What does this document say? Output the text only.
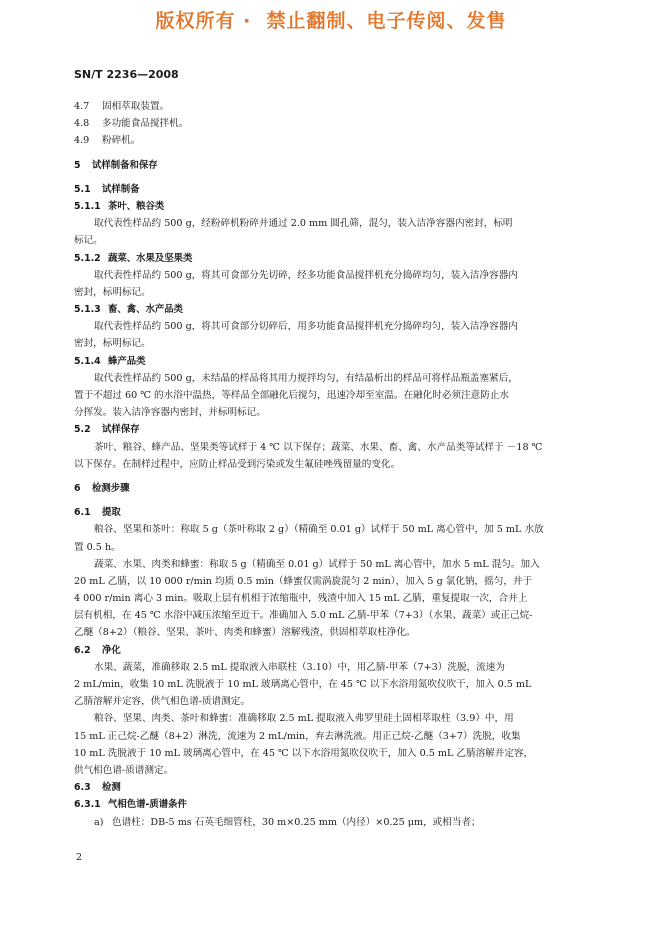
版权所有 ·  禁止翻制、电子传阅、发售
SN/T 2236—2008
4.7 固相萃取装置。
4.8 多功能食品搅拌机。
4.9 粉碎机。
5 试样制备和保存
5.1 试样制备
5.1.1 茶叶、粮谷类
取代表性样品约 500 g，经粉碎机粉碎并通过 2.0 mm 圆孔筛，混匀，装入洁净容器内密封，标明
标记。
5.1.2 蔬菜、水果及坚果类
取代表性样品约 500 g，将其可食部分先切碎，经多功能食品搅拌机充分捣碎均匀，装入洁净容器内
密封，标明标记。
5.1.3 畜、禽、水产品类
取代表性样品约 500 g，将其可食部分切碎后，用多功能食品搅拌机充分捣碎均匀，装入洁净容器内
密封，标明标记。
5.1.4 蜂产品类
取代表性样品约 500 g，未结晶的样品将其用力搅拌均匀，有结晶析出的样品可将样品瓶盖塞紧后，
置于不超过 60 ℃ 的水浴中温热，等样品全部融化后搅匀，迅速冷却至室温。在融化时必须注意防止水
分挥发。装入洁净容器内密封，并标明标记。
5.2 试样保存
茶叶、粮谷、蜂产品、坚果类等试样于 4 ℃ 以下保存；蔬菜、水果、畜、禽、水产品类等试样于 －18 ℃
以下保存。在制样过程中，应防止样品受到污染或发生氟硅唑残留量的变化。
6 检测步骤
6.1 提取
粮谷、坚果和茶叶：称取 5 g（茶叶称取 2 g）（精确至 0.01 g）试样于 50 mL 离心管中，加 5 mL 水放
置 0.5 h。
蔬菜、水果、肉类和蜂蜜：称取 5 g（精确至 0.01 g）试样于 50 mL 离心管中，加水 5 mL 混匀。加入
20 mL 乙腈，以 10 000 r/min 均质 0.5 min（蜂蜜仅需涡旋混匀 2 min），加入 5 g 氯化钠，摇匀，并于
4 000 r/min 离心 3 min。吸取上层有机相于浓缩瓶中，残渣中加入 15 mL 乙腈，重复提取一次，合并上
层有机相，在 45 ℃ 水浴中减压浓缩至近干。准确加入 5.0 mL 乙腈-甲苯（7+3）（水果、蔬菜）或正己烷-
乙醚（8+2）（粮谷、坚果、茶叶、肉类和蜂蜜）溶解残渣，供固相萃取柱净化。
6.2 净化
水果、蔬菜，准确移取 2.5 mL 提取液入串联柱（3.10）中，用乙腈-甲苯（7+3）洗脱，流速为
2 mL/min，收集 10 mL 洗脱液于 10 mL 玻璃离心管中，在 45 ℃ 以下水浴用氮吹仪吹干，加入 0.5 mL
乙腈溶解并定容，供气相色谱-质谱测定。
粮谷、坚果、肉类、茶叶和蜂蜜：准确移取 2.5 mL 提取液入弗罗里硅土固相萃取柱（3.9）中，用
15 mL 正己烷-乙醚（8+2）淋洗，流速为 2 mL/min，弃去淋洗液。用正己烷-乙醚（3+7）洗脱，收集
10 mL 洗脱液于 10 mL 玻璃离心管中，在 45 ℃ 以下水浴用氮吹仪吹干，加入 0.5 mL 乙腈溶解并定容，
供气相色谱-质谱测定。
6.3 检测
6.3.1 气相色谱-质谱条件
a) 色谱柱：DB-5 ms 石英毛细管柱，30 m×0.25 mm（内径）×0.25 μm，或相当者；
2
